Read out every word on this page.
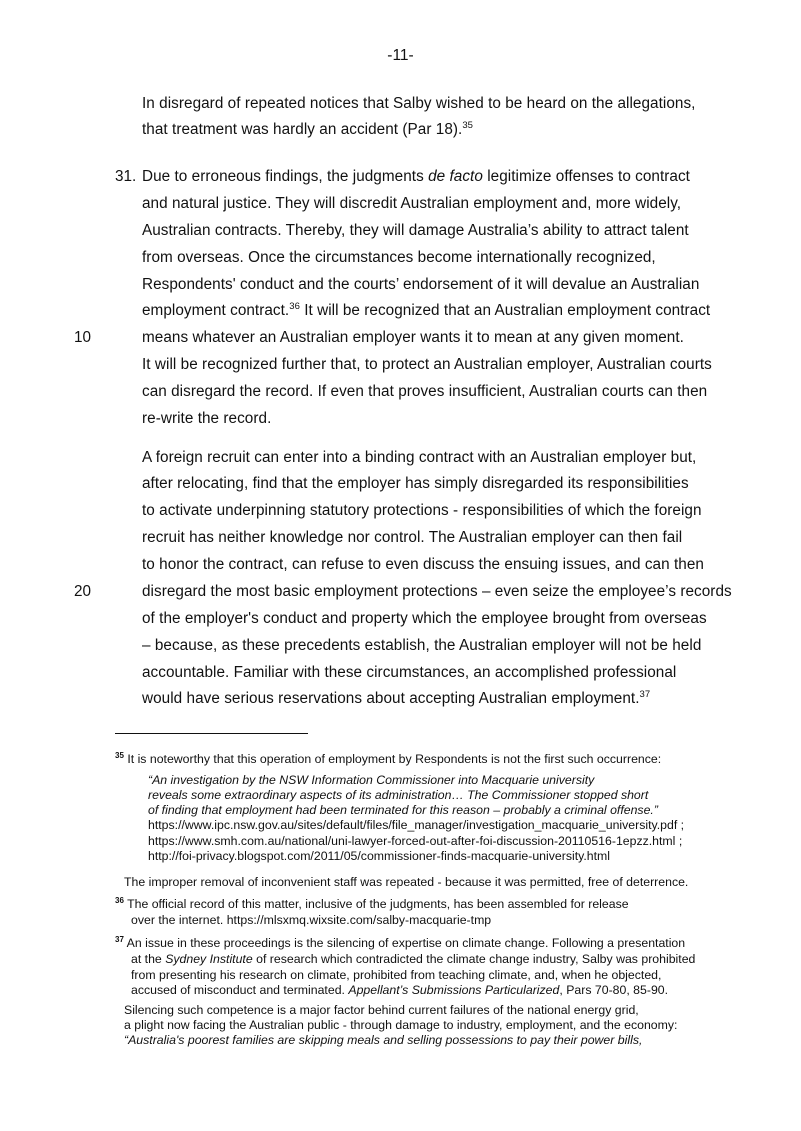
-11-
In disregard of repeated notices that Salby wished to be heard on the allegations,
that treatment was hardly an accident (Par 18).$^{35}$
31. Due to erroneous findings, the judgments de facto legitimize offenses to contract
and natural justice. They will discredit Australian employment and, more widely,
Australian contracts. Thereby, they will damage Australia’s ability to attract talent
from overseas. Once the circumstances become internationally recognized,
Respondents' conduct and the courts’ endorsement of it will devalue an Australian
employment contract.$^{36}$ It will be recognized that an Australian employment contract
10	means whatever an Australian employer wants it to mean at any given moment.
It will be recognized further that, to protect an Australian employer, Australian courts
can disregard the record. If even that proves insufficient, Australian courts can then
re-write the record.
A foreign recruit can enter into a binding contract with an Australian employer but,
after relocating, find that the employer has simply disregarded its responsibilities
to activate underpinning statutory protections - responsibilities of which the foreign
recruit has neither knowledge nor control. The Australian employer can then fail
to honor the contract, can refuse to even discuss the ensuing issues, and can then
20	disregard the most basic employment protections – even seize the employee’s records
of the employer's conduct and property which the employee brought from overseas
– because, as these precedents establish, the Australian employer will not be held
accountable. Familiar with these circumstances, an accomplished professional
would have serious reservations about accepting Australian employment.$^{37}$
$^{35}$ It is noteworthy that this operation of employment by Respondents is not the first such occurrence:
“An investigation by the NSW Information Commissioner into Macquarie university
reveals some extraordinary aspects of its administration… The Commissioner stopped short
of finding that employment had been terminated for this reason – probably a criminal offense.”
https://www.ipc.nsw.gov.au/sites/default/files/file_manager/investigation_macquarie_university.pdf ;
https://www.smh.com.au/national/uni-lawyer-forced-out-after-foi-discussion-20110516-1epzz.html ;
http://foi-privacy.blogspot.com/2011/05/commissioner-finds-macquarie-university.html
The improper removal of inconvenient staff was repeated - because it was permitted, free of deterrence.
$^{36}$ The official record of this matter, inclusive of the judgments, has been assembled for release
over the internet. https://mlsxmq.wixsite.com/salby-macquarie-tmp
$^{37}$ An issue in these proceedings is the silencing of expertise on climate change. Following a presentation
at the Sydney Institute of research which contradicted the climate change industry, Salby was prohibited
from presenting his research on climate, prohibited from teaching climate, and, when he objected,
accused of misconduct and terminated. Appellant’s Submissions Particularized, Pars 70-80, 85-90.
Silencing such competence is a major factor behind current failures of the national energy grid,
a plight now facing the Australian public - through damage to industry, employment, and the economy:
“Australia's poorest families are skipping meals and selling possessions to pay their power bills,
